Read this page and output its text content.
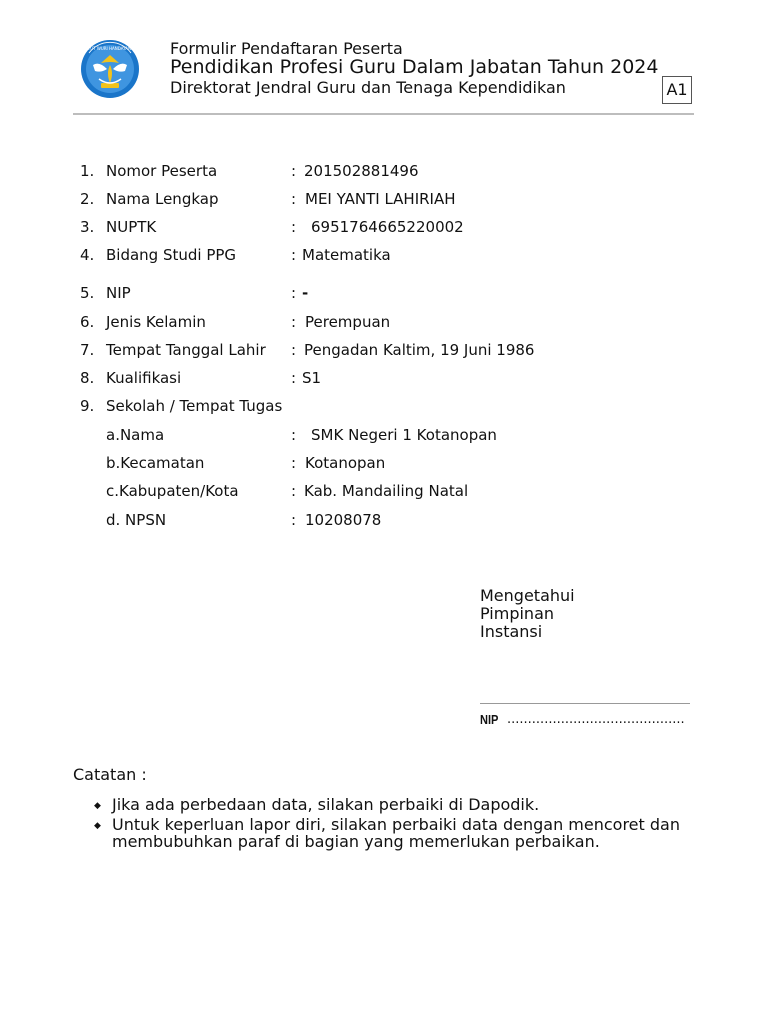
TUT WURI HANDAYANI Formulir Pendaftaran Peserta
Pendidikan Profesi Guru Dalam Jabatan Tahun 2024
Direktorat Jendral Guru dan Tenaga Kependidikan	A1
1. Nomor Peserta	: 201502881496
2. Nama Lengkap	: MEI YANTI LAHIRIAH
3. NUPTK	: 6951764665220002
4. Bidang Studi PPG	: Matematika
5. NIP	: -
6. Jenis Kelamin	: Perempuan
7. Tempat Tanggal Lahir : Pengadan Kaltim, 19 Juni 1986
8. Kualifikasi	: S1
9. Sekolah / Tempat Tugas
a.Nama	: SMK Negeri 1 Kotanopan
b.Kecamatan	: Kotanopan
c.Kabupaten/Kota	: Kab. Mandailing Natal
d. NPSN	: 10208078
Mengetahui
Pimpinan
Instansi
NIP ...........................................
Catatan :
◆ Jika ada perbedaan data, silakan perbaiki di Dapodik.
◆ Untuk keperluan lapor diri, silakan perbaiki data dengan mencoret dan
membubuhkan paraf di bagian yang memerlukan perbaikan.
